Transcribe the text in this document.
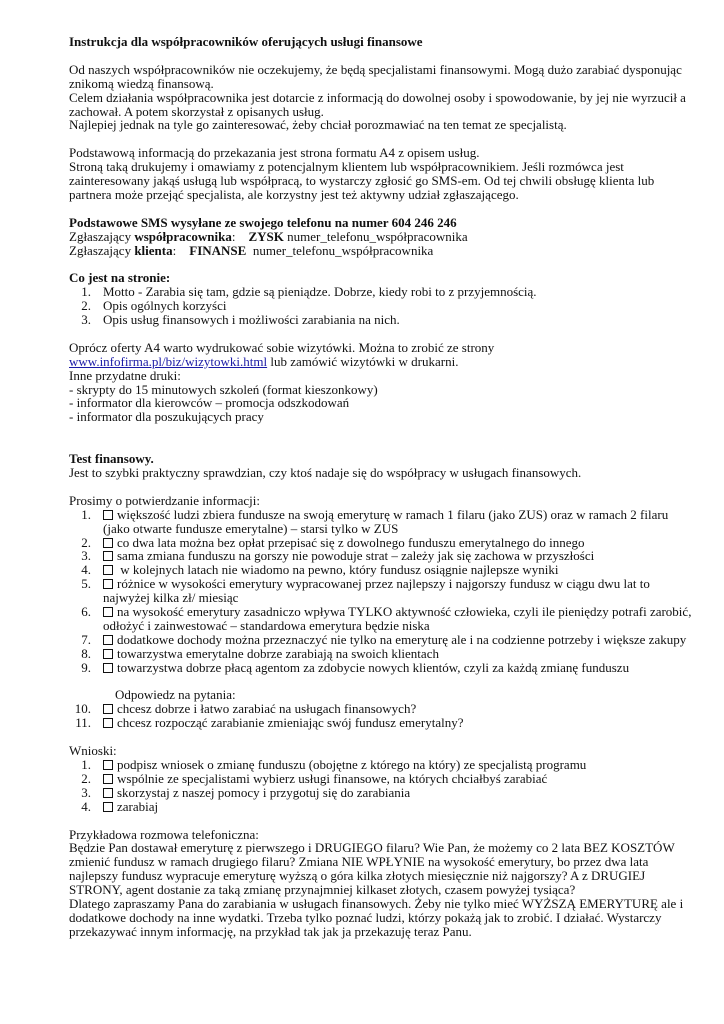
Instrukcja dla współpracowników oferujących usługi finansowe

Od naszych współpracowników nie oczekujemy, że będą specjalistami finansowymi. Mogą dużo zarabiać dysponując znikomą wiedzą finansową.

Celem działania współpracownika jest dotarcie z informacją do dowolnej osoby i spowodowanie, by jej nie wyrzucił a zachował. A potem skorzystał z opisanych usług.

Najlepiej jednak na tyle go zainteresować, żeby chciał porozmawiać na ten temat ze specjalistą.

Podstawową informacją do przekazania jest strona formatu A4 z opisem usług.

Stroną taką drukujemy i omawiamy z potencjalnym klientem lub współpracownikiem. Jeśli rozmówca jest zainteresowany jakąś usługą lub współpracą, to wystarczy zgłosić go SMS-em. Od tej chwili obsługę klienta lub partnera może przejąć specjalista, ale korzystny jest też aktywny udział zgłaszającego.

Podstawowe SMS wysyłane ze swojego telefonu na numer 604 246 246

Zgłaszający współpracownika:    ZYSK numer_telefonu_współpracownika

Zgłaszający klienta:    FINANSE  numer_telefonu_współpracownika

Co jest na stronie:

1. Motto - Zarabia się tam, gdzie są pieniądze. Dobrze, kiedy robi to z przyjemnością.
2. Opis ogólnych korzyści
3. Opis usług finansowych i możliwości zarabiania na nich.

Oprócz oferty A4 warto wydrukować sobie wizytówki. Można to zrobić ze strony www.infofirma.pl/biz/wizytowki.html lub zamówić wizytówki w drukarni.

Inne przydatne druki:

- skrypty do 15 minutowych szkoleń (format kieszonkowy)

- informator dla kierowców – promocja odszkodowań

- informator dla poszukujących pracy

Test finansowy.

Jest to szybki praktyczny sprawdzian, czy ktoś nadaje się do współpracy w usługach finansowych.

Prosimy o potwierdzanie informacji:

1.	większość ludzi zbiera fundusze na swoją emeryturę w ramach 1 filaru (jako ZUS) oraz w ramach 2 filaru (jako otwarte fundusze emerytalne) – starsi tylko w ZUS
2.	co dwa lata można bez opłat przepisać się z dowolnego funduszu emerytalnego do innego
3.	sama zmiana funduszu na gorszy nie powoduje strat – zależy jak się zachowa w przyszłości
4.	w kolejnych latach nie wiadomo na pewno, który fundusz osiągnie najlepsze wyniki
5.	różnice w wysokości emerytury wypracowanej przez najlepszy i najgorszy fundusz w ciągu dwu lat to najwyżej kilka zł/ miesiąc
6.	na wysokość emerytury zasadniczo wpływa TYLKO aktywność człowieka, czyli ile pieniędzy potrafi zarobić, odłożyć i zainwestować – standardowa emerytura będzie niska
7.	dodatkowe dochody można przeznaczyć nie tylko na emeryturę ale i na codzienne potrzeby i większe zakupy
8.	towarzystwa emerytalne dobrze zarabiają na swoich klientach
9.	towarzystwa dobrze płacą agentom za zdobycie nowych klientów, czyli za każdą zmianę funduszu

Odpowiedz na pytania:

10.	chcesz dobrze i łatwo zarabiać na usługach finansowych?
11.	chcesz rozpocząć zarabianie zmieniając swój fundusz emerytalny?

Wnioski:

1.	podpisz wniosek o zmianę funduszu (obojętne z którego na który) ze specjalistą programu
2.	wspólnie ze specjalistami wybierz usługi finansowe, na których chciałbyś zarabiać
3.	skorzystaj z naszej pomocy i przygotuj się do zarabiania
4.	zarabiaj

Przykładowa rozmowa telefoniczna:

Będzie Pan dostawał emeryturę z pierwszego i DRUGIEGO filaru? Wie Pan, że możemy co 2 lata BEZ KOSZTÓW zmienić fundusz w ramach drugiego filaru? Zmiana NIE WPŁYNIE na wysokość emerytury, bo przez dwa lata najlepszy fundusz wypracuje emeryturę wyższą o góra kilka złotych miesięcznie niż najgorszy? A z DRUGIEJ STRONY, agent dostanie za taką zmianę przynajmniej kilkaset złotych, czasem powyżej tysiąca?

Dlatego zapraszamy Pana do zarabiania w usługach finansowych. Żeby nie tylko mieć WYŻSZĄ EMERYTURĘ ale i dodatkowe dochody na inne wydatki. Trzeba tylko poznać ludzi, którzy pokażą jak to zrobić. I działać. Wystarczy przekazywać innym informację, na przykład tak jak ja przekazuję teraz Panu.
